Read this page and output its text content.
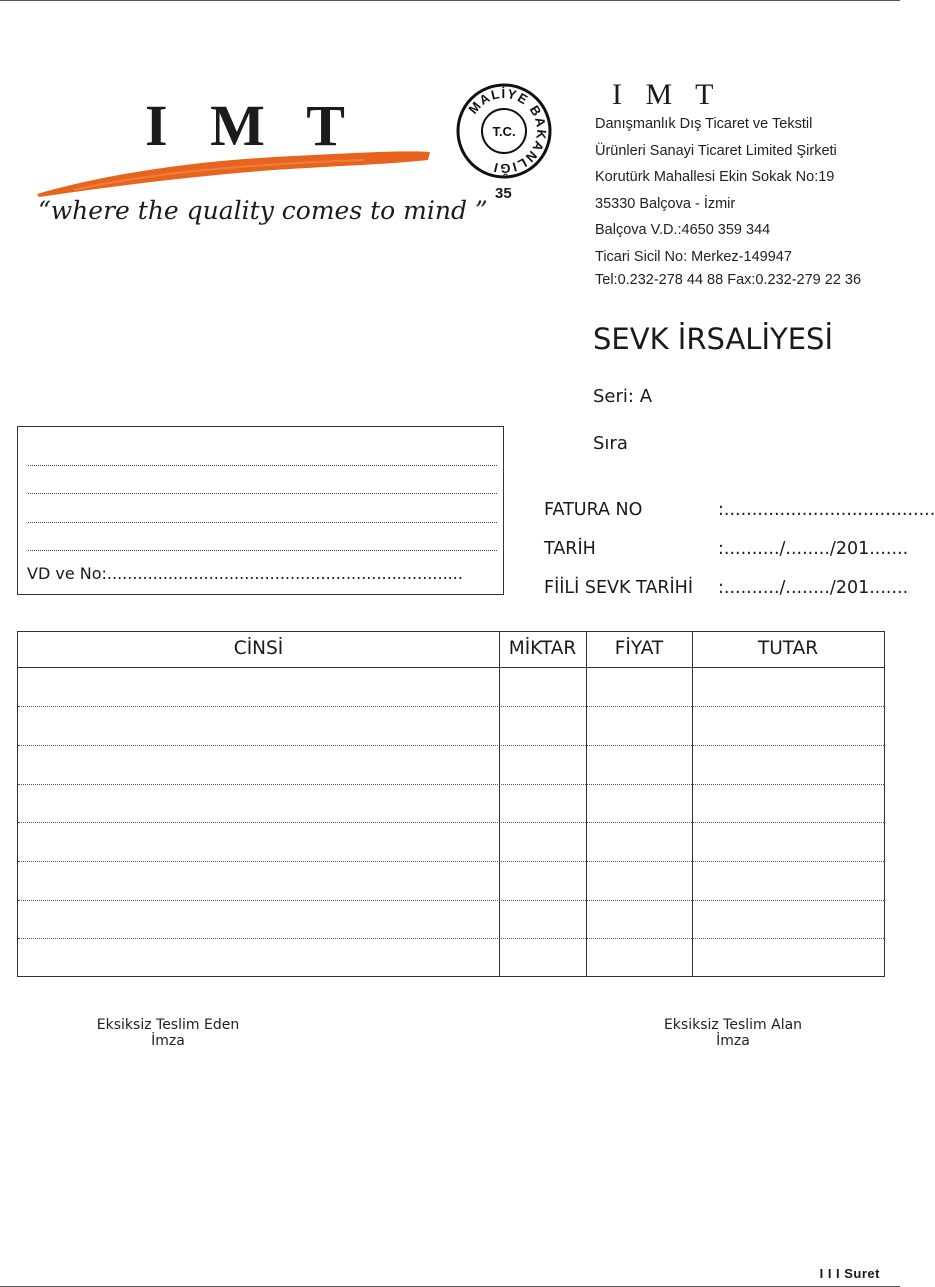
I M T
“where the quality comes to mind ”
MALİYE BAKANLIĞI
T.C.
35
I M T
Danışmanlık Dış Ticaret ve Tekstil
Ürünleri Sanayi Ticaret Limited Şirketi
Korutürk Mahallesi Ekin Sokak No:19
35330 Balçova - İzmir
Balçova V.D.:4650 359 344
Ticari Sicil No: Merkez-149947
Tel:0.232-278 44 88 Fax:0.232-279 22 36
SEVK İRSALİYESİ
Seri: A
Sıra
VD ve No:......................................................................
FATURA NO	:......................................
TARİH	:........../......../201.......
FİİLİ SEVK TARİHİ :........../......../201.......
CİNSİ	MİKTAR	FİYAT	TUTAR
Eksiksiz Teslim Eden
İmza
Eksiksiz Teslim Alan
İmza
I I I Suret
